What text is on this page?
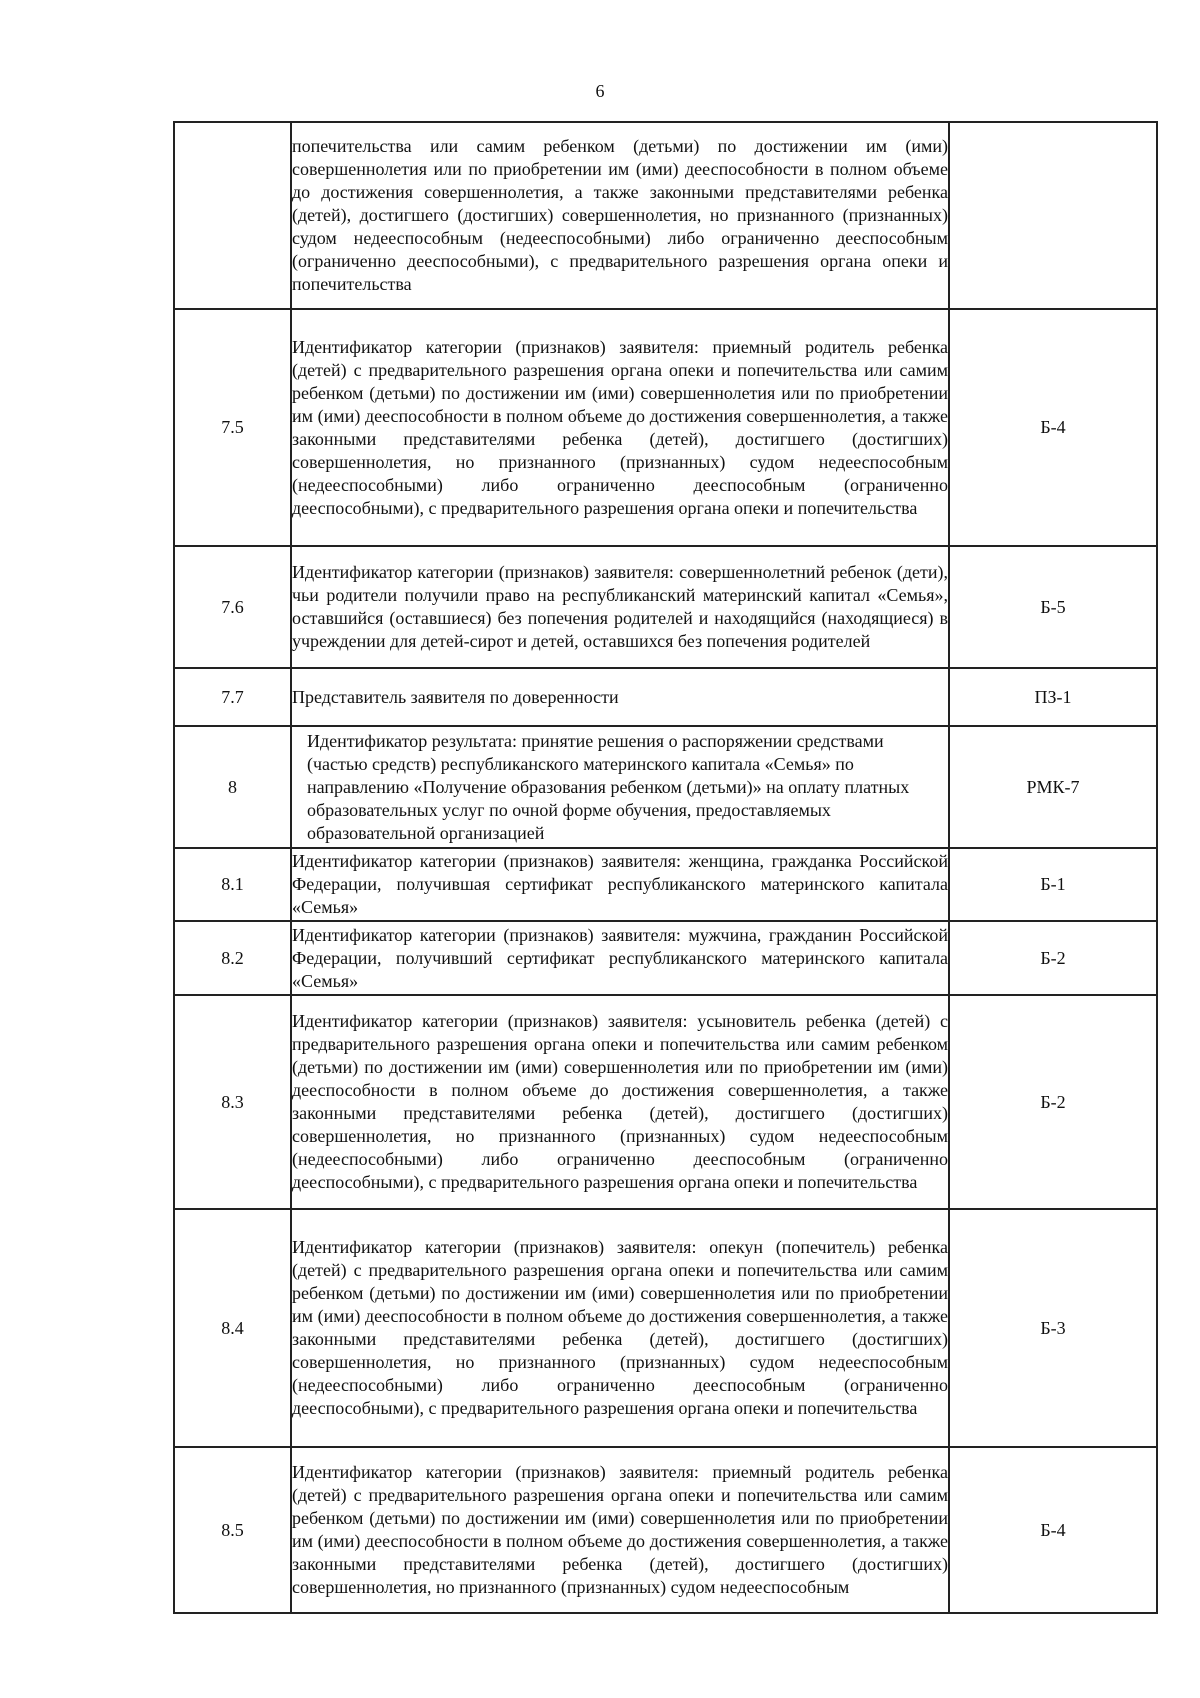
6
	попечительства или самим ребенком (детьми) по достижении им (ими) совершеннолетия или по приобретении им (ими) дееспособности в полном объеме до достижения совершеннолетия, а также законными представителями ребенка (детей), достигшего (достигших) совершеннолетия, но признанного (признанных) судом недееспособным (недееспособными) либо ограниченно дееспособным (ограниченно дееспособными), с предварительного разрешения органа опеки и попечительства	
7.5	Идентификатор категории (признаков) заявителя: приемный родитель ребенка (детей) с предварительного разрешения органа опеки и попечительства или самим ребенком (детьми) по достижении им (ими) совершеннолетия или по приобретении им (ими) дееспособности в полном объеме до достижения совершеннолетия, а также законными представителями ребенка (детей), достигшего (достигших) совершеннолетия, но признанного (признанных) судом недееспособным (недееспособными) либо ограниченно дееспособным (ограниченно дееспособными), с предварительного разрешения органа опеки и попечительства	Б-4
7.6	Идентификатор категории (признаков) заявителя: совершеннолетний ребенок (дети), чьи родители получили право на республиканский материнский капитал «Семья», оставшийся (оставшиеся) без попечения родителей и находящийся (находящиеся) в учреждении для детей-сирот и детей, оставшихся без попечения родителей	Б-5
7.7	Представитель заявителя по доверенности	ПЗ-1
8	Идентификатор результата: принятие решения о распоряжении средствами (частью средств) республиканского материнского капитала «Семья» по направлению «Получение образования ребенком (детьми)» на оплату платных образовательных услуг по очной форме обучения, предоставляемых образовательной организацией	РМК-7
8.1	Идентификатор категории (признаков) заявителя: женщина, гражданка Российской Федерации, получившая сертификат республиканского материнского капитала «Семья»	Б-1
8.2	Идентификатор категории (признаков) заявителя: мужчина, гражданин Российской Федерации, получивший сертификат республиканского материнского капитала «Семья»	Б-2
8.3	Идентификатор категории (признаков) заявителя: усыновитель ребенка (детей) с предварительного разрешения органа опеки и попечительства или самим ребенком (детьми) по достижении им (ими) совершеннолетия или по приобретении им (ими) дееспособности в полном объеме до достижения совершеннолетия, а также законными представителями ребенка (детей), достигшего (достигших) совершеннолетия, но признанного (признанных) судом недееспособным (недееспособными) либо ограниченно дееспособным (ограниченно дееспособными), с предварительного разрешения органа опеки и попечительства	Б-2
8.4	Идентификатор категории (признаков) заявителя: опекун (попечитель) ребенка (детей) с предварительного разрешения органа опеки и попечительства или самим ребенком (детьми) по достижении им (ими) совершеннолетия или по приобретении им (ими) дееспособности в полном объеме до достижения совершеннолетия, а также законными представителями ребенка (детей), достигшего (достигших) совершеннолетия, но признанного (признанных) судом недееспособным (недееспособными) либо ограниченно дееспособным (ограниченно дееспособными), с предварительного разрешения органа опеки и попечительства	Б-3
8.5	Идентификатор категории (признаков) заявителя: приемный родитель ребенка (детей) с предварительного разрешения органа опеки и попечительства или самим ребенком (детьми) по достижении им (ими) совершеннолетия или по приобретении им (ими) дееспособности в полном объеме до достижения совершеннолетия, а также законными представителями ребенка (детей), достигшего (достигших) совершеннолетия, но признанного (признанных) судом недееспособным	Б-4
